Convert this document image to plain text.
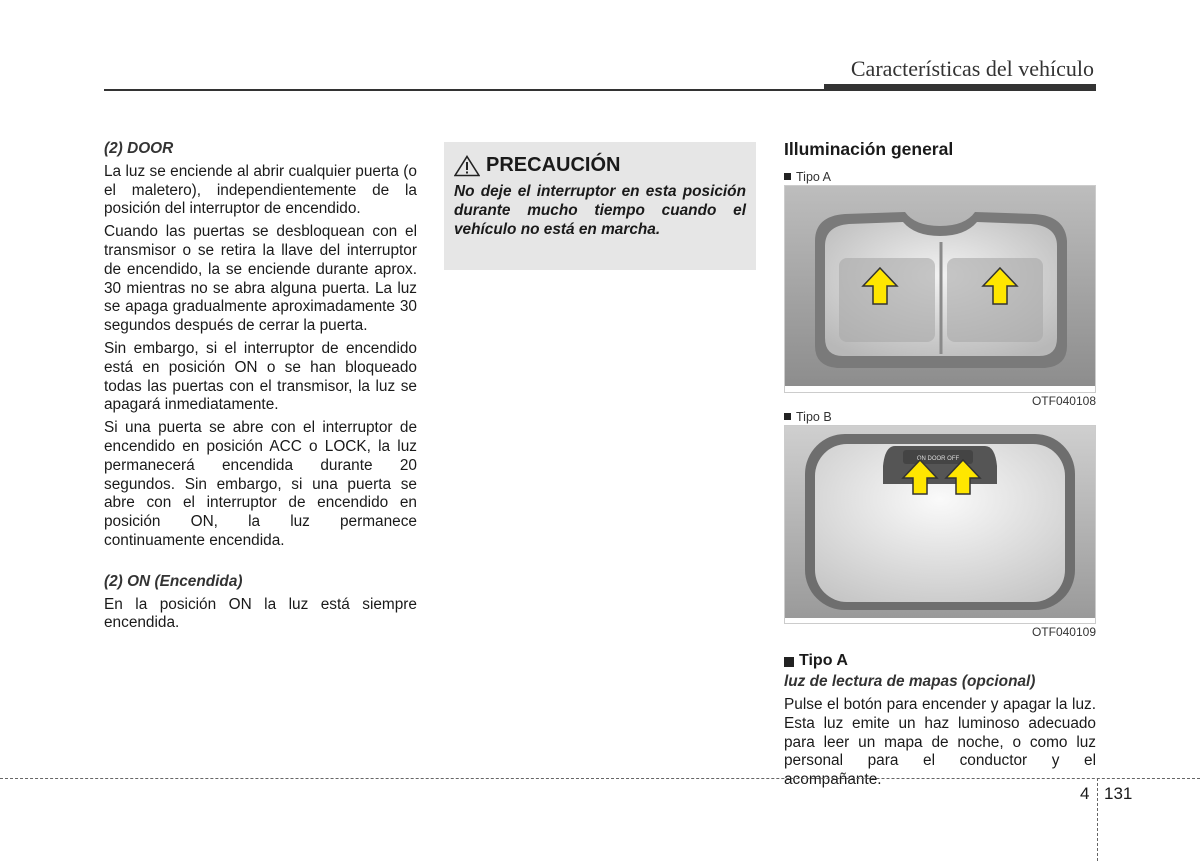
Características del vehículo

(2) DOOR

La luz se enciende al abrir cualquier puerta (o el maletero), independientemente de la posición del interruptor de encendido.

Cuando las puertas se desbloquean con el transmisor o se retira la llave del interruptor de encendido, la se enciende durante aprox. 30 mientras no se abra alguna puerta. La luz se apaga gradualmente aproximadamente 30 segundos después de cerrar la puerta.

Sin embargo, si el interruptor de encendido está en posición ON o se han bloqueado todas las puertas con el transmisor, la luz se apagará inmediatamente.

Si una puerta se abre con el interruptor de encendido en posición ACC o LOCK, la luz permanecerá encendida durante 20 segundos. Sin embargo, si una puerta se abre con el interruptor de encendido en posición ON, la luz permanece continuamente encendida.

(2) ON (Encendida)

En la posición ON la luz está siempre encendida.

PRECAUCIÓN
No deje el interruptor en esta posición durante mucho tiempo cuando el vehículo no está en marcha.
Illuminación general
Tipo A
OTF040108
Tipo B
ON DOOR OFF
OTF040109
Tipo A

luz de lectura de mapas (opcional)

Pulse el botón para encender y apagar la luz. Esta luz emite un haz luminoso adecuado para leer un mapa de noche, o como luz personal para el conductor y el acompañante.

4 131
